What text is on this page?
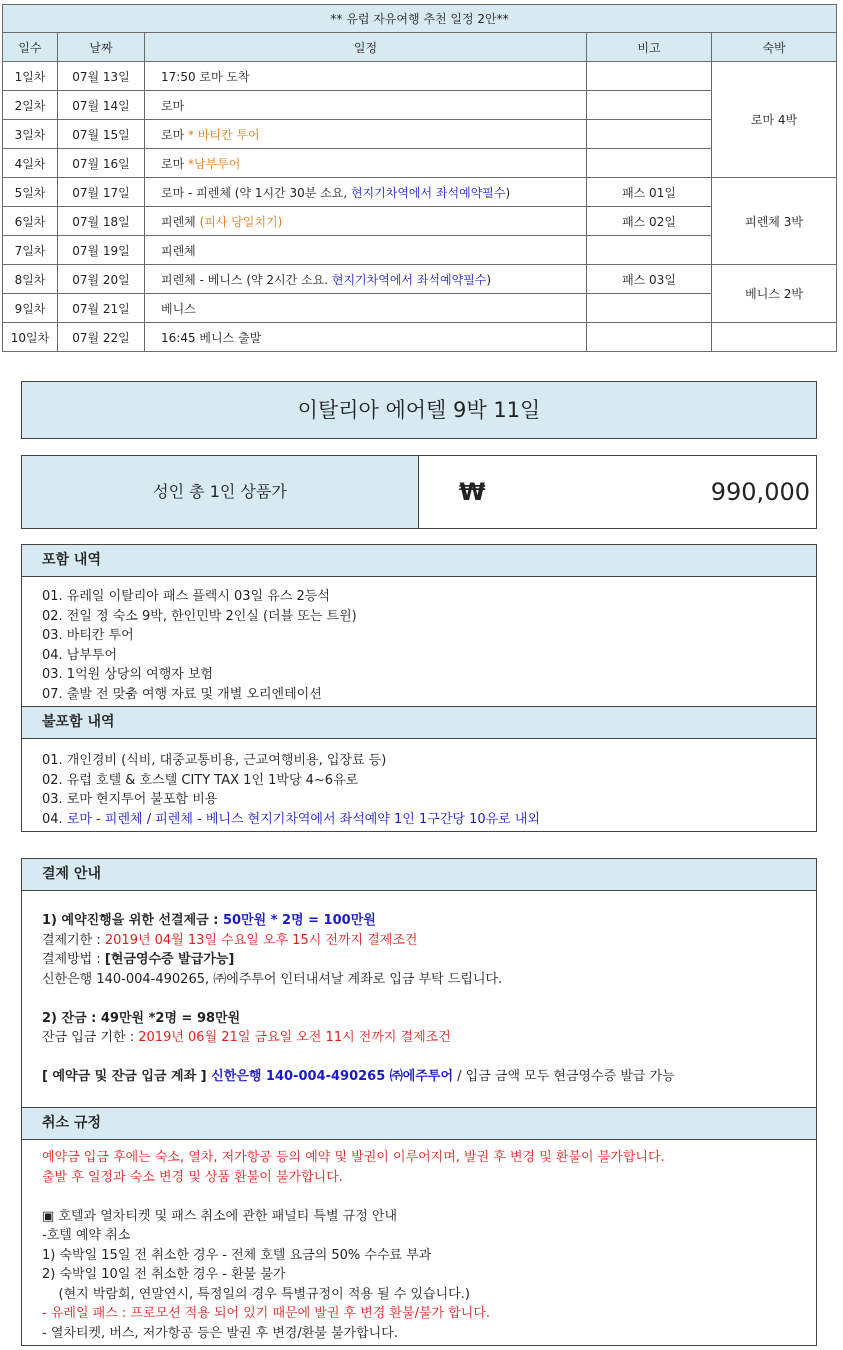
** 유럽 자유여행 추천 일정 2안**				
일수	날짜	일정	비고	숙박
1일차	07월 13일	17:50 로마 도착		로마 4박
2일차	07월 14일	로마		
3일차	07월 15일	로마 * 바티칸 투어		
4일차	07월 16일	로마 *남부투어		
5일차	07월 17일	로마 - 피렌체 (약 1시간 30분 소요, 현지기차역에서 좌석예약필수)	패스 01일	피렌체 3박
6일차	07월 18일	피렌체 (피사 당일치기)	패스 02일	
7일차	07월 19일	피렌체		
8일차	07월 20일	피렌체 - 베니스 (약 2시간 소요. 현지기차역에서 좌석예약필수)	패스 03일	베니스 2박
9일차	07월 21일	베니스		
10일차	07월 22일	16:45 베니스 출발		
이탈리아 에어텔 9박 11일
성인 총 1인 상품가	₩	990,000
포함 내역
01. 유레일 이탈리아 패스 플렉시 03일 유스 2등석
02. 전일 정 숙소 9박, 한인민박 2인실 (더블 또는 트윈)
03. 바티칸 투어
04. 남부투어
03. 1억원 상당의 여행자 보험
07. 출발 전 맞춤 여행 자료 및 개별 오리엔테이션
불포함 내역
01. 개인경비 (식비, 대중교통비용, 근교여행비용, 입장료 등)
02. 유럽 호텔 & 호스텔 CITY TAX 1인 1박당 4~6유로
03. 로마 현지투어 불포함 비용
04. 로마 - 피렌체 / 피렌체 - 베니스 현지기차역에서 좌석예약 1인 1구간당 10유로 내외
결제 안내
1) 예약진행을 위한 선결제금 : 50만원 * 2명 = 100만원
결제기한 : 2019년 04월 13일 수요일 오후 15시 전까지 결제조건
결제방법 : [현금영수증 발급가능]
신한은행 140-004-490265, ㈜에주투어 인터내셔날 계좌로 입금 부탁 드립니다.
2) 잔금 : 49만원 *2명 = 98만원
잔금 입금 기한 : 2019년 06월 21일 금요일 오전 11시 전까지 결제조건
[ 예약금 및 잔금 입금 계좌 ] 신한은행 140-004-490265 ㈜에주투어 / 입금 금액 모두 현금영수증 발급 가능
취소 규정
예약금 입금 후에는 숙소, 열차, 저가항공 등의 예약 및 발권이 이루어지며, 발권 후 변경 및 환불이 불가합니다.
출발 후 일정과 숙소 변경 및 상품 환불이 불가합니다.
▣ 호텔과 열차티켓 및 패스 취소에 관한 패널티 특별 규정 안내
-호텔 예약 취소
1) 숙박일 15일 전 취소한 경우 - 전체 호텔 요금의 50% 수수료 부과
2) 숙박일 10일 전 취소한 경우 - 환불 불가
(현지 박람회, 연말연시, 특정일의 경우 특별규정이 적용 될 수 있습니다.)
- 유레일 패스 : 프로모션 적용 되어 있기 때문에 발권 후 변경 환불/불가 합니다.
- 열차티켓, 버스, 저가항공 등은 발권 후 변경/환불 불가합니다.
